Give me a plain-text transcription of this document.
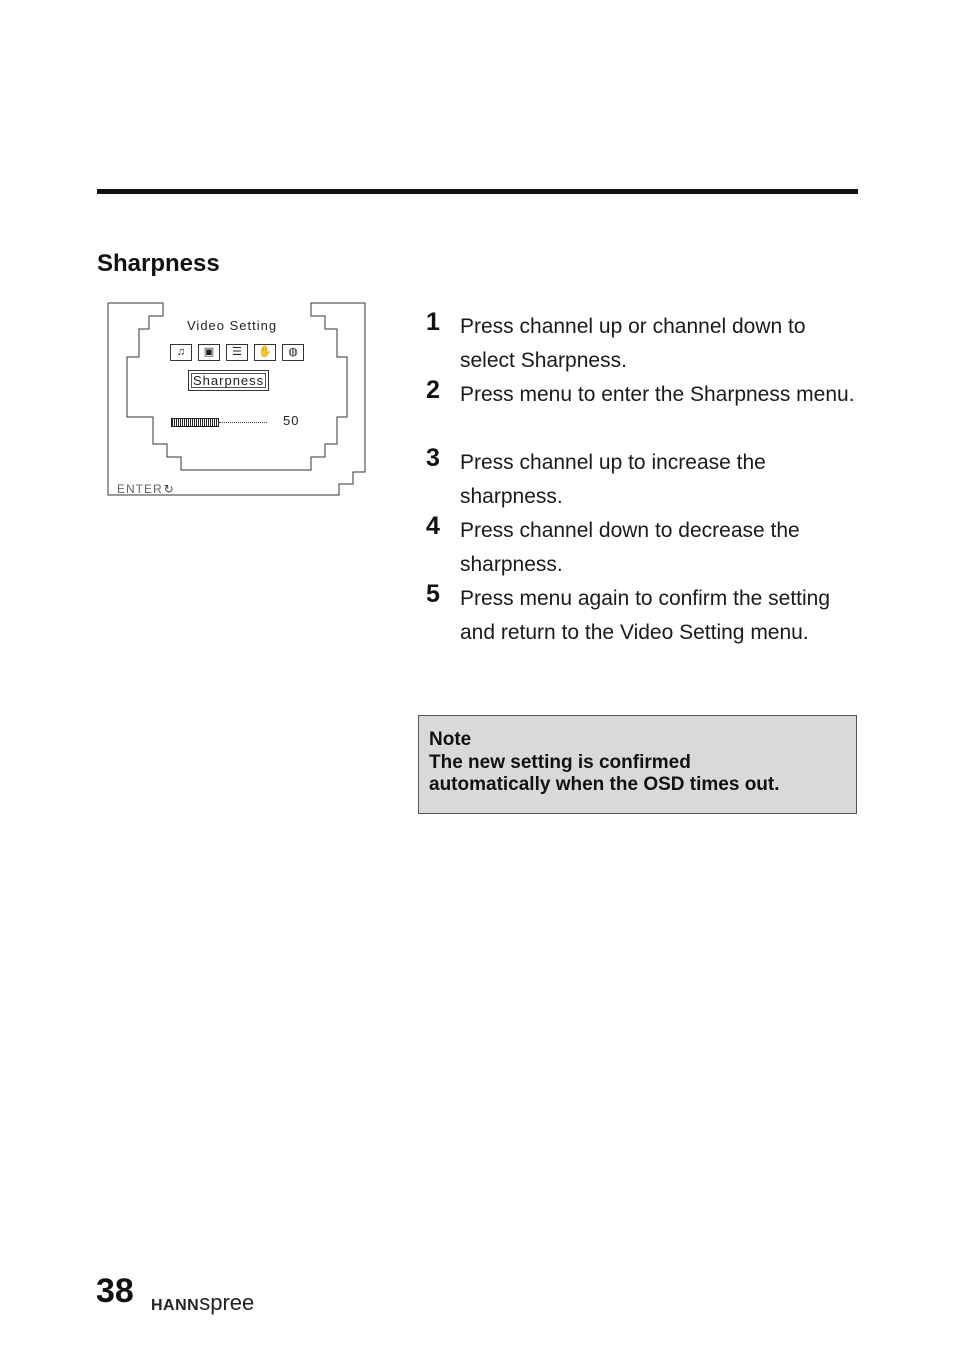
Sharpness
Video Setting
♫	▣	☰	✋	◍
Sharpness
50
ENTER↻
1 Press channel up or channel down to select Sharpness.
2 Press menu to enter the Sharpness menu.
3 Press channel up to increase the sharpness.
4 Press channel down to decrease the sharpness.
5 Press menu again to confirm the setting and return to the Video Setting menu.
Note
The new setting is confirmed
automatically when the OSD times out.
38 HANNspree
